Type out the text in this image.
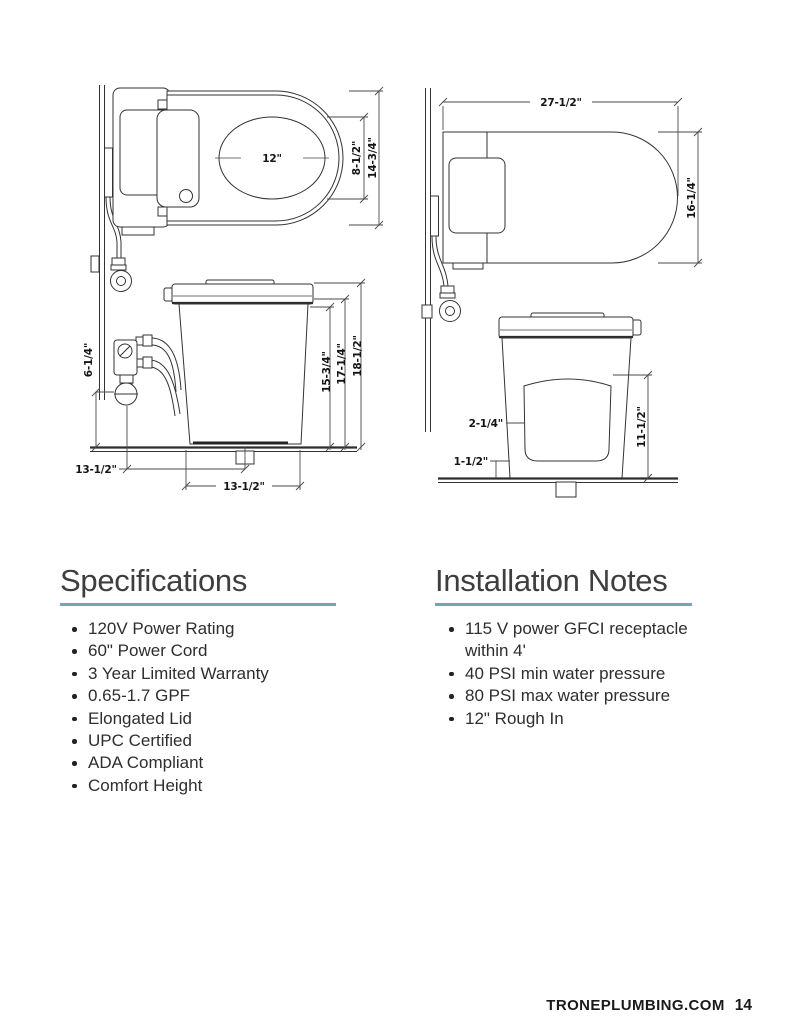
12"	8-1/2" 14-3/4"
27-1/2"
16-1/4"
6-1/4"	15-3/4" 17-1/4" 18-1/2"
13-1/2"
13-1/2"
11-1/2"
2-1/4"
1-1/2"
Specifications
120V Power Rating
60" Power Cord
3 Year Limited Warranty
0.65-1.7 GPF
Elongated Lid
UPC Certified
ADA Compliant
Comfort Height
Installation Notes
115 V power GFCI receptacle within 4'
40 PSI min water pressure
80 PSI max water pressure
12" Rough In
TRONEPLUMBING.COM 14
